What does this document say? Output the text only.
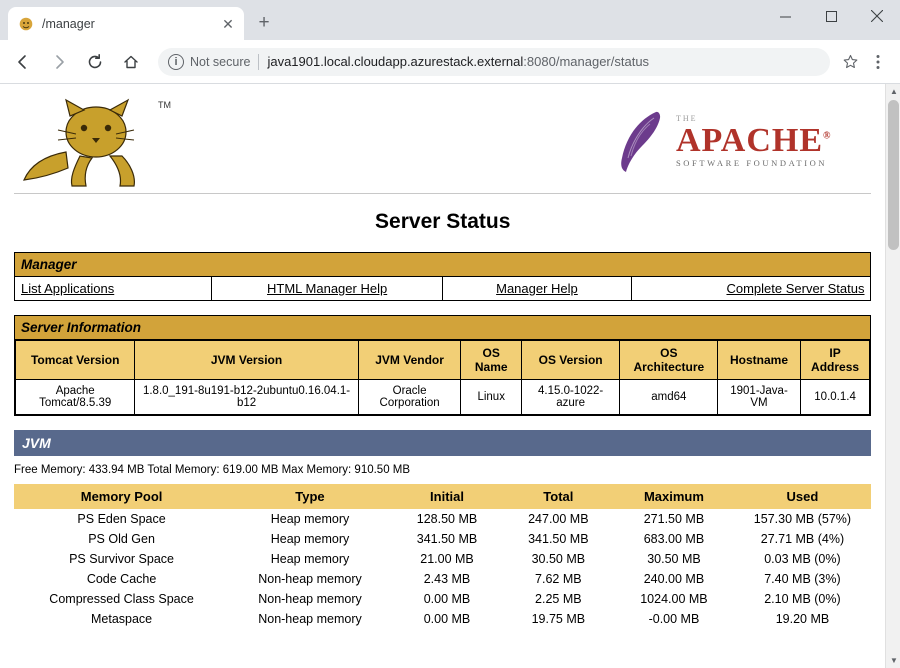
/manager	✕	+
i Not secure java1901.local.cloudapp.azurestack.external :8080/manager/status
TM
THE
APACHE®
SOFTWARE FOUNDATION
Server Status
Manager
List Applications	HTML Manager Help	Manager Help	Complete Server Status
Server Information

Tomcat Version	JVM Version	JVM Vendor	OS Name	OS Version	OS Architecture	Hostname	IP Address
Apache Tomcat/8.5.39	1.8.0_191-8u191-b12-2ubuntu0.16.04.1-b12	Oracle Corporation	Linux	4.15.0-1022-azure	amd64	1901-Java-VM	10.0.1.4
JVM
Free Memory: 433.94 MB Total Memory: 619.00 MB Max Memory: 910.50 MB
Memory Pool	Type	Initial	Total	Maximum	Used
PS Eden Space	Heap memory	128.50 MB	247.00 MB	271.50 MB	157.30 MB (57%)
PS Old Gen	Heap memory	341.50 MB	341.50 MB	683.00 MB	27.71 MB (4%)
PS Survivor Space	Heap memory	21.00 MB	30.50 MB	30.50 MB	0.03 MB (0%)
Code Cache	Non-heap memory	2.43 MB	7.62 MB	240.00 MB	7.40 MB (3%)
Compressed Class Space	Non-heap memory	0.00 MB	2.25 MB	1024.00 MB	2.10 MB (0%)
Metaspace	Non-heap memory	0.00 MB	19.75 MB	-0.00 MB	19.20 MB
▲
▼
